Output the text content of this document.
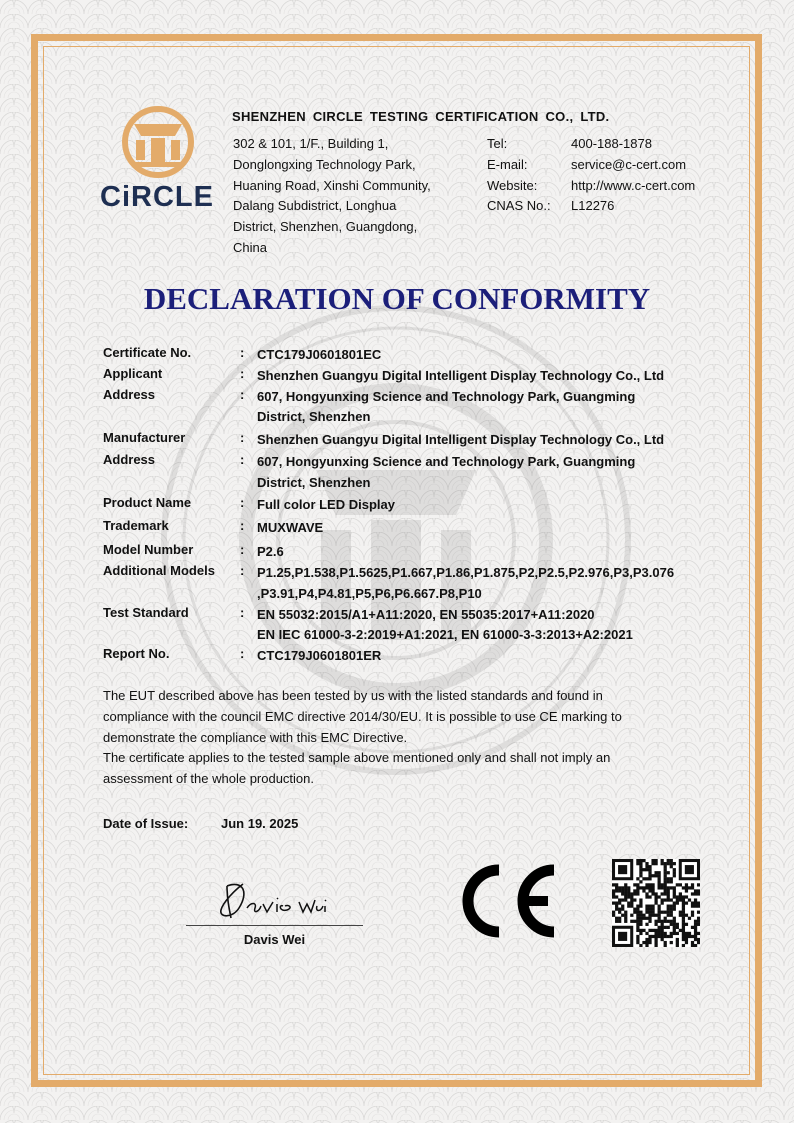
CiRCLE
SHENZHEN CIRCLE TESTING CERTIFICATION CO., LTD.
302 & 101, 1/F., Building 1,
Donglongxing Technology Park,
Huaning Road, Xinshi Community,
Dalang Subdistrict, Longhua
District, Shenzhen, Guangdong,
China
Tel:	400-188-1878
E-mail:	service@c-cert.com
Website:	http://www.c-cert.com
CNAS No.:	L12276
DECLARATION OF CONFORMITY
Certificate No.	: CTC179J0601801EC
Applicant	: Shenzhen Guangyu Digital Intelligent Display Technology Co., Ltd
Address	: 607, Hongyunxing Science and Technology Park, Guangming
District, Shenzhen
Manufacturer	: Shenzhen Guangyu Digital Intelligent Display Technology Co., Ltd
Address	: 607, Hongyunxing Science and Technology Park, Guangming
District, Shenzhen
Product Name	: Full color LED Display
Trademark	: MUXWAVE
Model Number	: P2.6
Additional Models	: P1.25,P1.538,P1.5625,P1.667,P1.86,P1.875,P2,P2.5,P2.976,P3,P3.076
,P3.91,P4,P4.81,P5,P6,P6.667.P8,P10
Test Standard	: EN 55032:2015/A1+A11:2020, EN 55035:2017+A11:2020
EN IEC 61000-3-2:2019+A1:2021, EN 61000-3-3:2013+A2:2021
Report No.	: CTC179J0601801ER
The EUT described above has been tested by us with the listed standards and found in
compliance with the council EMC directive 2014/30/EU. It is possible to use CE marking to
demonstrate the compliance with this EMC Directive.
The certificate applies to the tested sample above mentioned only and shall not imply an
assessment of the whole production.
Date of Issue:	Jun 19. 2025
Davis Wei
